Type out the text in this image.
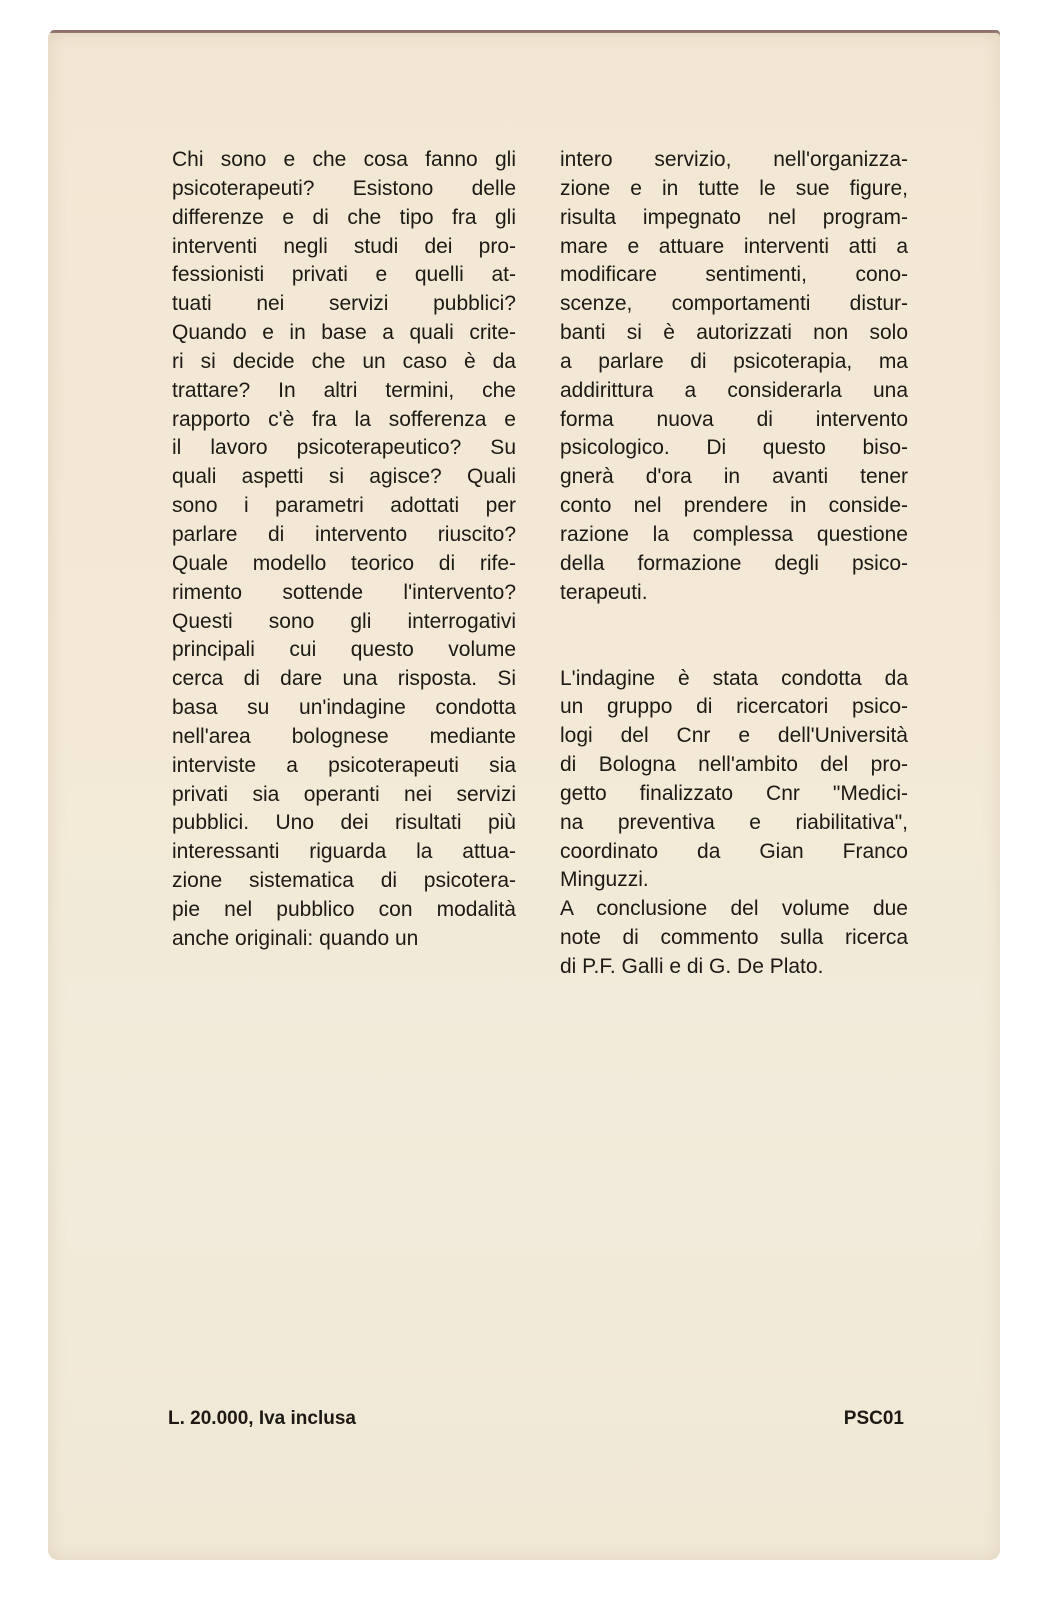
Chi sono e che cosa fanno gli
psicoterapeuti? Esistono delle
differenze e di che tipo fra gli
interventi negli studi dei pro-
fessionisti privati e quelli at-
tuati nei servizi pubblici?
Quando e in base a quali crite-
ri si decide che un caso è da
trattare? In altri termini, che
rapporto c'è fra la sofferenza e
il lavoro psicoterapeutico? Su
quali aspetti si agisce? Quali
sono i parametri adottati per
parlare di intervento riuscito?
Quale modello teorico di rife-
rimento sottende l'intervento?
Questi sono gli interrogativi
principali cui questo volume
cerca di dare una risposta. Si
basa su un'indagine condotta
nell'area bolognese mediante
interviste a psicoterapeuti sia
privati sia operanti nei servizi
pubblici. Uno dei risultati più
interessanti riguarda la attua-
zione sistematica di psicotera-
pie nel pubblico con modalità
anche originali: quando un

intero servizio, nell'organizza-
zione e in tutte le sue figure,
risulta impegnato nel program-
mare e attuare interventi atti a
modificare sentimenti, cono-
scenze, comportamenti distur-
banti si è autorizzati non solo
a parlare di psicoterapia, ma
addirittura a considerarla una
forma nuova di intervento
psicologico. Di questo biso-
gnerà d'ora in avanti tener
conto nel prendere in conside-
razione la complessa questione
della formazione degli psico-
terapeuti.

L'indagine è stata condotta da
un gruppo di ricercatori psico-
logi del Cnr e dell'Università
di Bologna nell'ambito del pro-
getto finalizzato Cnr "Medici-
na preventiva e riabilitativa",
coordinato da Gian Franco
Minguzzi.

A conclusione del volume due
note di commento sulla ricerca
di P.F. Galli e di G. De Plato.

L. 20.000, Iva inclusa	PSC01
